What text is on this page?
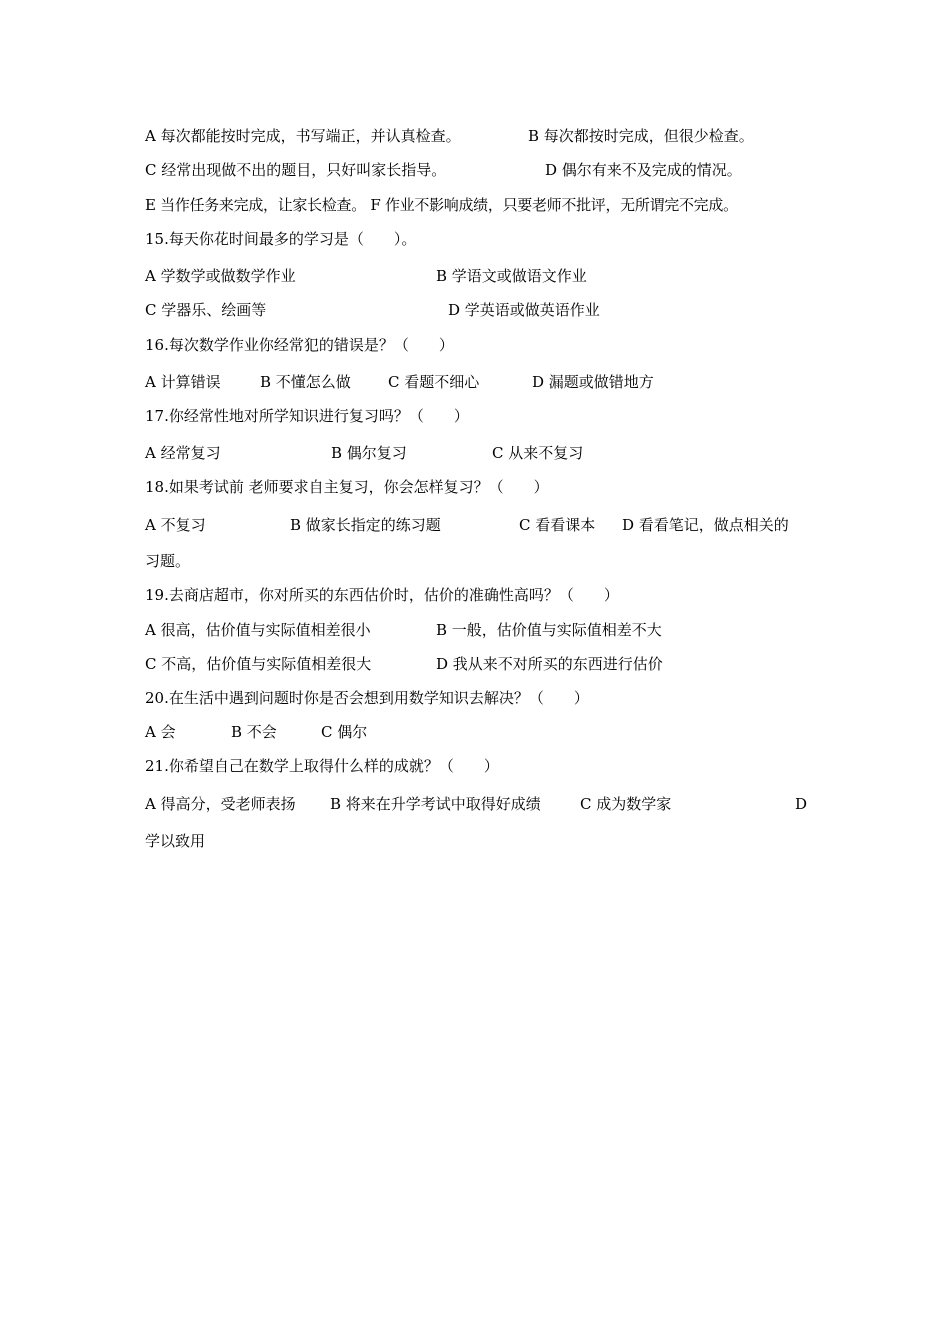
A 每次都能按时完成，书写端正，并认真检查。	B 每次都按时完成，但很少检查。
C 经常出现做不出的题目，只好叫家长指导。	D 偶尔有来不及完成的情况。
E 当作任务来完成，让家长检查。 F 作业不影响成绩，只要老师不批评，无所谓完不完成。
15.每天你花时间最多的学习是（　　）。
A 学数学或做数学作业	B 学语文或做语文作业
C 学器乐、绘画等	D 学英语或做英语作业
16.每次数学作业你经常犯的错误是？（　　）
A 计算错误	B 不懂怎么做 C 看题不细心	D 漏题或做错地方
17.你经常性地对所学知识进行复习吗？（　　）
A 经常复习	B 偶尔复习	C 从来不复习
18.如果考试前 老师要求自主复习，你会怎样复习？（　　）
A 不复习	B 做家长指定的练习题	C 看看课本 D 看看笔记，做点相关的
习题。
19.去商店超市，你对所买的东西估价时，估价的准确性高吗？（　　）
A 很高，估价值与实际值相差很小	B 一般，估价值与实际值相差不大
C 不高，估价值与实际值相差很大	D 我从来不对所买的东西进行估价
20.在生活中遇到问题时你是否会想到用数学知识去解决？（　　）
A 会	B 不会	C 偶尔
21.你希望自己在数学上取得什么样的成就？（　　）
A 得高分，受老师表扬 B 将来在升学考试中取得好成绩	C 成为数学家	D
学以致用
